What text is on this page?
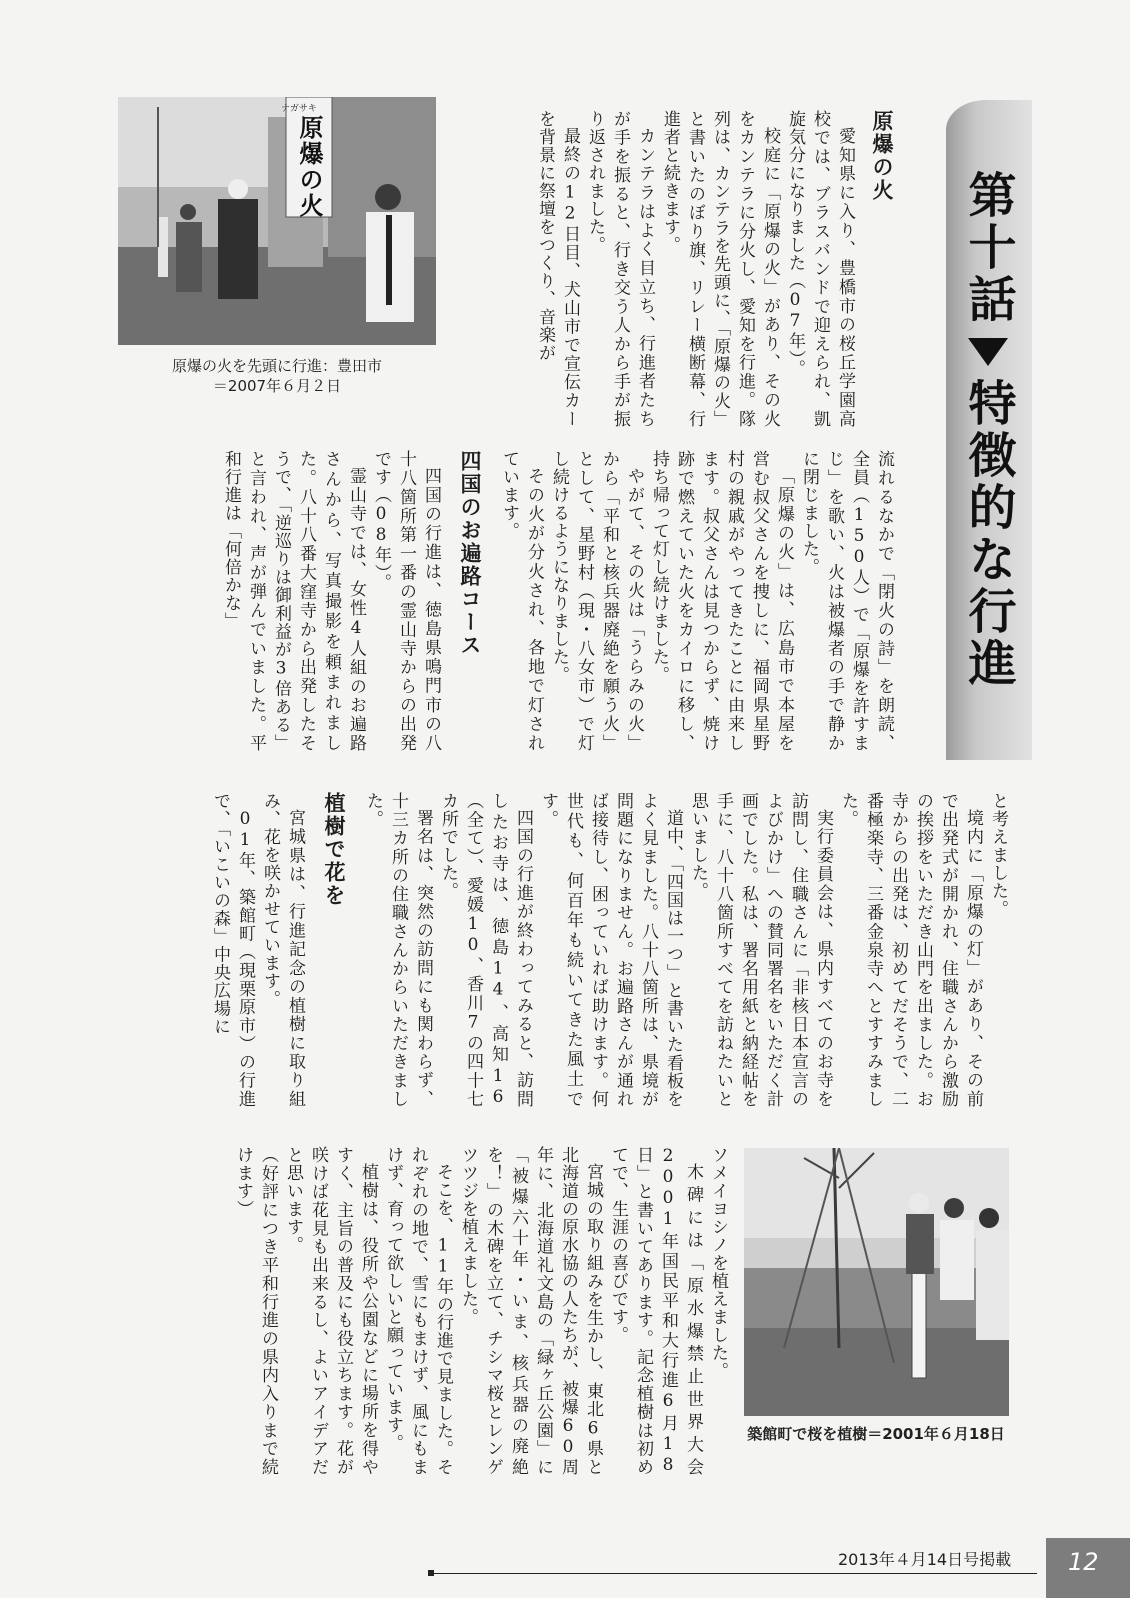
第十話特徴的な行進
ナガサキ
原爆の火
原爆の火を先頭に行進：豊田市
＝2007年６月２日
原爆の火

愛知県に入り、豊橋市の桜丘学園高校では、ブラスバンドで迎えられ、凱旋気分になりました（07年）。

校庭に「原爆の火」があり、その火をカンテラに分火し、愛知を行進。隊列は、カンテラを先頭に、「原爆の火」と書いたのぼり旗、リレー横断幕、行進者と続きます。

カンテラはよく目立ち、行進者たちが手を振ると、行き交う人から手が振り返されました。

最終の12日目、犬山市で宣伝カーを背景に祭壇をつくり、音楽が

流れるなかで「閉火の詩」を朗読、全員（150人）で「原爆を許すまじ」を歌い、火は被爆者の手で静かに閉じました。

「原爆の火」は、広島市で本屋を営む叔父さんを捜しに、福岡県星野村の親戚がやってきたことに由来します。叔父さんは見つからず、焼け跡で燃えていた火をカイロに移し、持ち帰って灯し続けました。

やがて、その火は「うらみの火」から「平和と核兵器廃絶を願う火」として、星野村（現・八女市）で灯し続けるようになりました。

その火が分火され、各地で灯されています。

四国のお遍路コース

四国の行進は、徳島県鳴門市の八十八箇所第一番の霊山寺からの出発です（08年）。

霊山寺では、女性4人組のお遍路さんから、写真撮影を頼まれました。八十八番大窪寺から出発したそうで、「逆巡りは御利益が3倍ある」と言われ、声が弾んでいました。平和行進は「何倍かな」

と考えました。

境内に「原爆の灯」があり、その前で出発式が開かれ、住職さんから激励の挨拶をいただき山門を出ました。お寺からの出発は、初めてだそうで、二番極楽寺、三番金泉寺へとすすみました。

実行委員会は、県内すべてのお寺を訪問し、住職さんに「非核日本宣言のよびかけ」への賛同署名をいただく計画でした。私は、署名用紙と納経帖を手に、八十八箇所すべてを訪ねたいと思いました。

道中、「四国は一つ」と書いた看板をよく見ました。八十八箇所は、県境が問題になりません。お遍路さんが通れば接待し、困っていれば助けます。何世代も、何百年も続いてきた風土です。

四国の行進が終わってみると、訪問したお寺は、徳島14、高知16（全て）、愛媛10、香川7の四十七カ所でした。

署名は、突然の訪問にも関わらず、十三カ所の住職さんからいただきました。

植樹で花を

宮城県は、行進記念の植樹に取り組み、花を咲かせています。

01年、築館町（現栗原市）の行進で、「いこいの森」中央広場に

ソメイヨシノを植えました。

木碑には「原水爆禁止世界大会2001年国民平和大行進6月18日」と書いてあります。記念植樹は初めてで、生涯の喜びです。

宮城の取り組みを生かし、東北6県と北海道の原水協の人たちが、被爆60周年に、北海道礼文島の「緑ヶ丘公園」に「被爆六十年・いま、核兵器の廃絶を！」の木碑を立て、チシマ桜とレンゲツツジを植えました。

そこを、11年の行進で見ました。それぞれの地で、雪にもまけず、風にもまけず、育って欲しいと願っています。

植樹は、役所や公園などに場所を得やすく、主旨の普及にも役立ちます。花が咲けば花見も出来るし、よいアイデアだと思います。

（好評につき平和行進の県内入りまで続けます）

築館町で桜を植樹＝2001年６月18日
2013年４月14日号掲載 12
